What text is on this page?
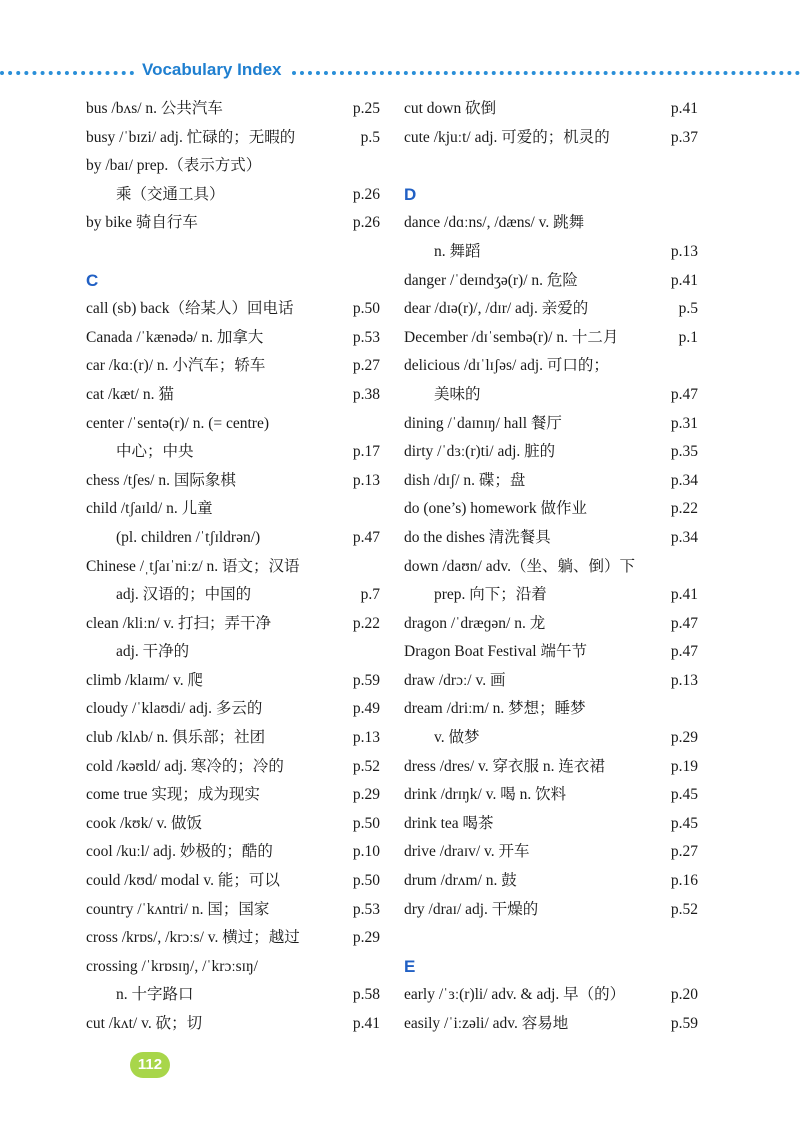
Vocabulary Index
bus /bʌs/ n. 公共汽车	p.25
busy /ˈbɪzi/ adj. 忙碌的；无暇的	p.5
by /baɪ/ prep.（表示方式）
乘（交通工具）	p.26
by bike 骑自行车	p.26
C
call (sb) back（给某人）回电话	p.50
Canada /ˈkænədə/ n. 加拿大	p.53
car /kɑː(r)/ n. 小汽车；轿车	p.27
cat /kæt/ n. 猫	p.38
center /ˈsentə(r)/ n. (= centre)
中心；中央	p.17
chess /tʃes/ n. 国际象棋	p.13
child /tʃaɪld/ n. 儿童
(pl. children /ˈtʃɪldrən/)	p.47
Chinese /ˌtʃaɪˈniːz/ n. 语文；汉语
adj. 汉语的；中国的	p.7
clean /kliːn/ v. 打扫；弄干净	p.22
adj. 干净的
climb /klaɪm/ v. 爬	p.59
cloudy /ˈklaʊdi/ adj. 多云的	p.49
club /klʌb/ n. 俱乐部；社团	p.13
cold /kəʊld/ adj. 寒冷的；冷的	p.52
come true 实现；成为现实	p.29
cook /kʊk/ v. 做饭	p.50
cool /kuːl/ adj. 妙极的；酷的	p.10
could /kʊd/ modal v. 能；可以	p.50
country /ˈkʌntri/ n. 国；国家	p.53
cross /krɒs/, /krɔːs/ v. 横过；越过	p.29
crossing /ˈkrɒsɪŋ/, /ˈkrɔːsɪŋ/
n. 十字路口	p.58
cut /kʌt/ v. 砍；切	p.41
cut down 砍倒	p.41
cute /kjuːt/ adj. 可爱的；机灵的	p.37
D
dance /dɑːns/, /dæns/ v. 跳舞
n. 舞蹈	p.13
danger /ˈdeɪndʒə(r)/ n. 危险	p.41
dear /dɪə(r)/, /dɪr/ adj. 亲爱的	p.5
December /dɪˈsembə(r)/ n. 十二月	p.1
delicious /dɪˈlɪʃəs/ adj. 可口的；
美味的	p.47
dining /ˈdaɪnɪŋ/ hall 餐厅	p.31
dirty /ˈdɜː(r)ti/ adj. 脏的	p.35
dish /dɪʃ/ n. 碟；盘	p.34
do (one’s) homework 做作业	p.22
do the dishes 清洗餐具	p.34
down /daʊn/ adv.（坐、躺、倒）下
prep. 向下；沿着	p.41
dragon /ˈdræɡən/ n. 龙	p.47
Dragon Boat Festival 端午节	p.47
draw /drɔː/ v. 画	p.13
dream /driːm/ n. 梦想；睡梦
v. 做梦	p.29
dress /dres/ v. 穿衣服 n. 连衣裙	p.19
drink /drɪŋk/ v. 喝 n. 饮料	p.45
drink tea 喝茶	p.45
drive /draɪv/ v. 开车	p.27
drum /drʌm/ n. 鼓	p.16
dry /draɪ/ adj. 干燥的	p.52
E
early /ˈɜː(r)li/ adv. & adj. 早（的）	p.20
easily /ˈiːzəli/ adv. 容易地	p.59
112
